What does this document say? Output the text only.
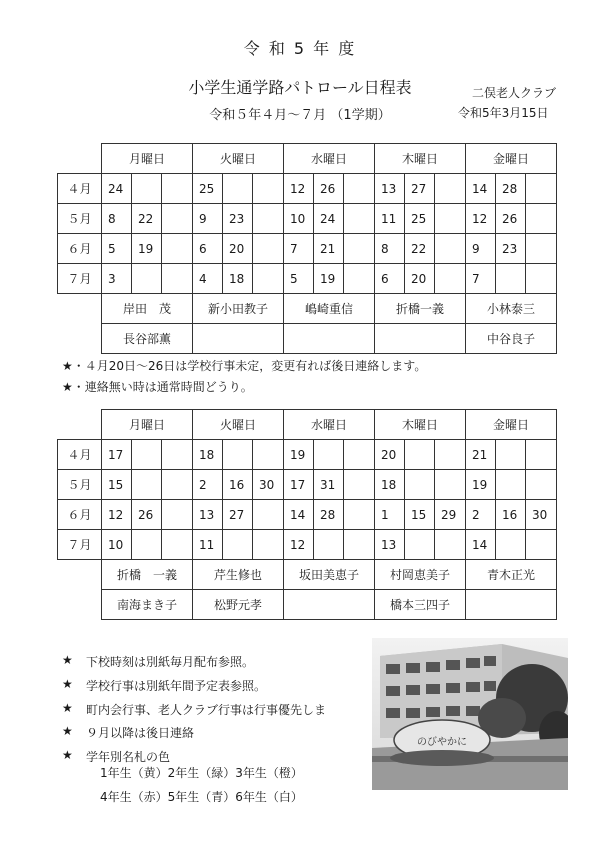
令 和 5 年 度
小学生通学路パトロール日程表
令和５年４月～７月 （1学期）
二俣老人クラブ
令和5年3月15日
	月曜日			火曜日			水曜日			木曜日			金曜日		
４月	24			25			12	26		13	27		14	28	
５月	8	22		9	23		10	24		11	25		12	26	
６月	5	19		6	20		7	21		8	22		9	23	
７月	3			4	18		5	19		6	20		7		
	岸田　茂			新小田教子			嶋崎重信			折橋一義			小林泰三		
	長谷部薫												中谷良子		
★・４月20日～26日は学校行事未定，変更有れば後日連絡します。
★・連絡無い時は通常時間どうり。
	月曜日			火曜日			水曜日			木曜日			金曜日		
４月	17			18			19			20			21		
５月	15			2	16	30	17	31		18			19		
６月	12	26		13	27		14	28		1	15	29	2	16	30
７月	10			11			12			13			14		
	折橋　一義			芹生修也			坂田美恵子			村岡恵美子			青木正光		
	南海まき子			松野元孝						橋本三四子					
★ 下校時刻は別紙毎月配布参照。
★ 学校行事は別紙年間予定表参照。
★ 町内会行事、老人クラブ行事は行事優先しま
★ ９月以降は後日連絡
★ 学年別名札の色
1年生（黄）2年生（緑）3年生（橙）
4年生（赤）5年生（青）6年生（白）
のびやかに
